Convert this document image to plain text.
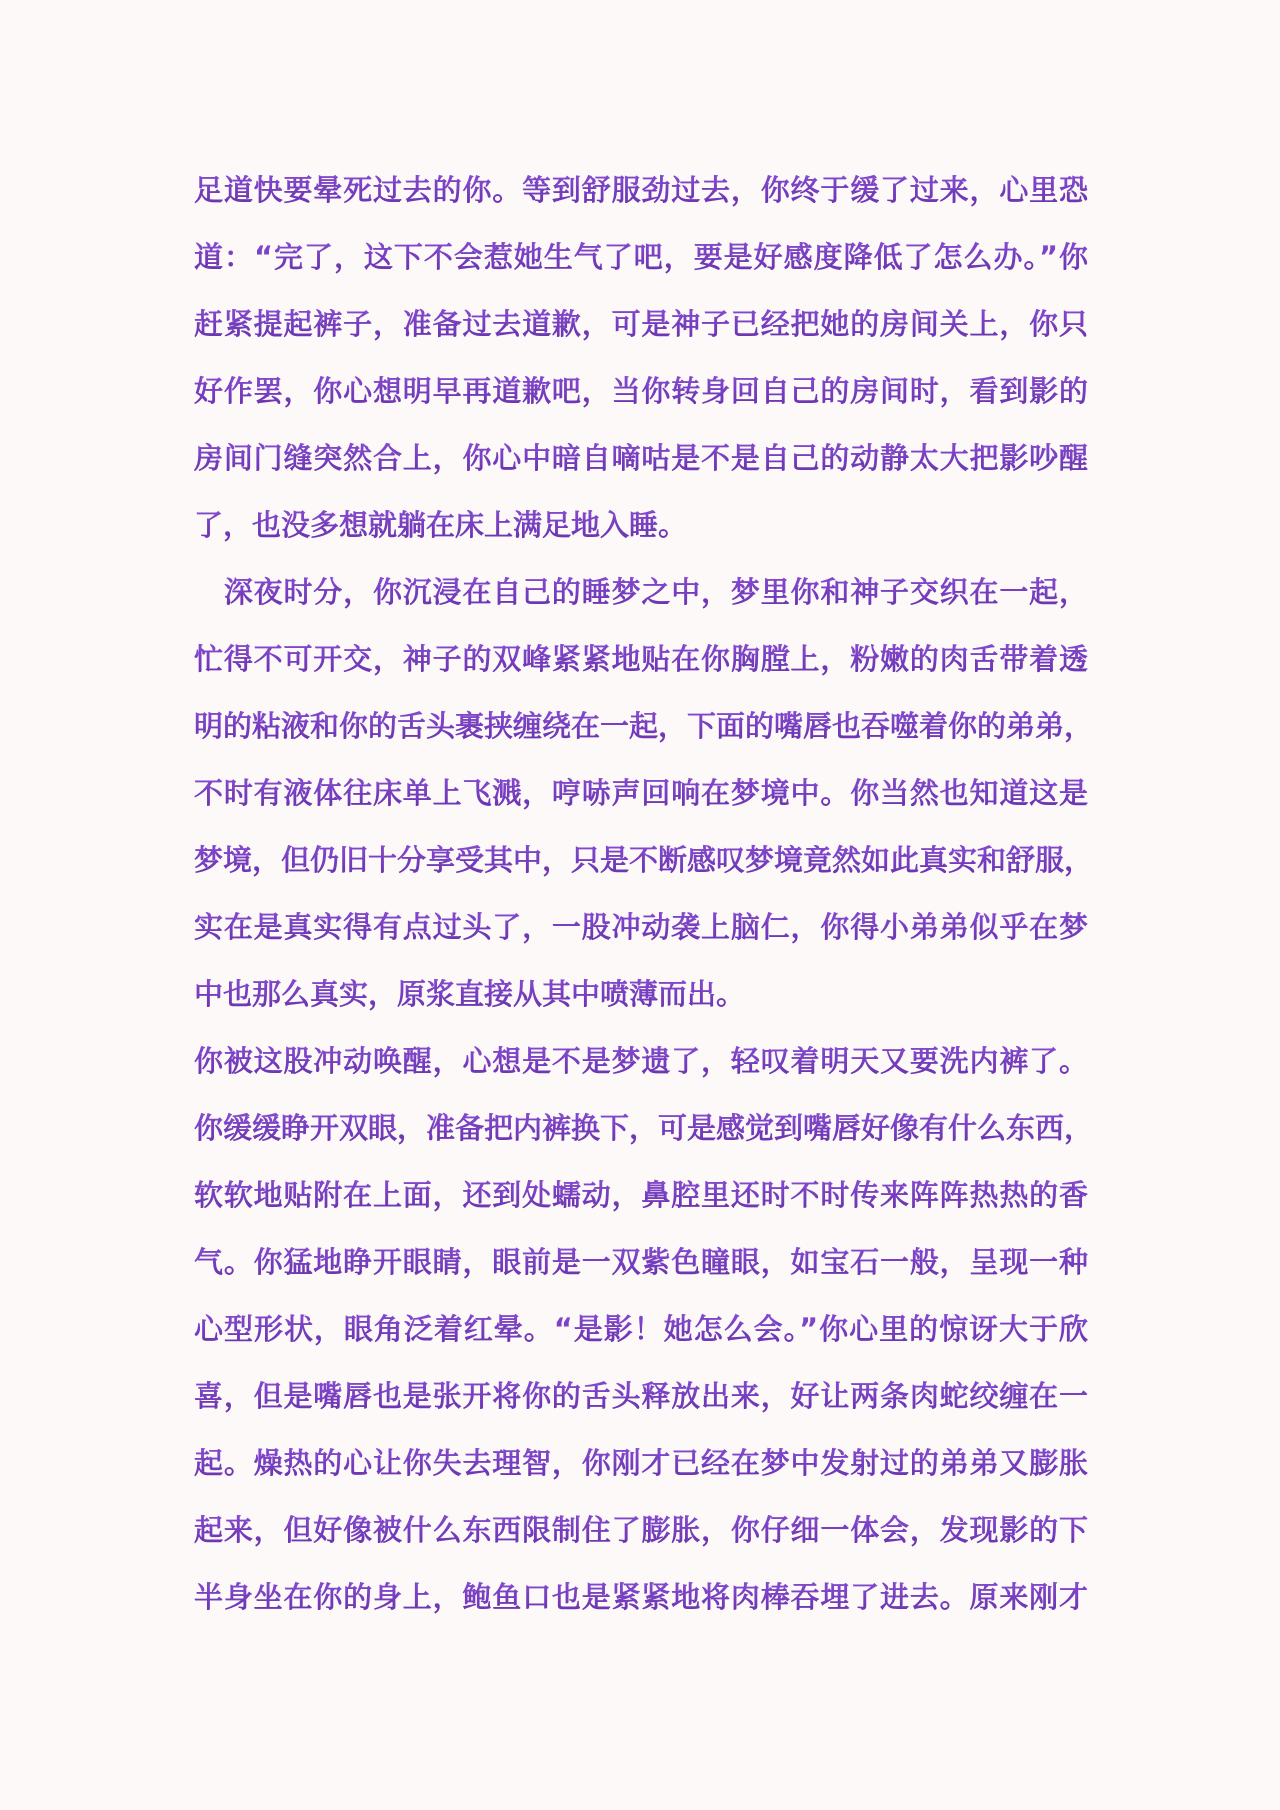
足道快要晕死过去的你。等到舒服劲过去，你终于缓了过来，心里恐
道：“完了，这下不会惹她生气了吧，要是好感度降低了怎么办。”你
赶紧提起裤子，准备过去道歉，可是神子已经把她的房间关上，你只
好作罢，你心想明早再道歉吧，当你转身回自己的房间时，看到影的
房间门缝突然合上，你心中暗自嘀咕是不是自己的动静太大把影吵醒
了，也没多想就躺在床上满足地入睡。
　深夜时分，你沉浸在自己的睡梦之中，梦里你和神子交织在一起，
忙得不可开交，神子的双峰紧紧地贴在你胸膛上，粉嫩的肉舌带着透
明的粘液和你的舌头裹挟缠绕在一起，下面的嘴唇也吞噬着你的弟弟，
不时有液体往床单上飞溅，哼哧声回响在梦境中。你当然也知道这是
梦境，但仍旧十分享受其中，只是不断感叹梦境竟然如此真实和舒服，
实在是真实得有点过头了，一股冲动袭上脑仁，你得小弟弟似乎在梦
中也那么真实，原浆直接从其中喷薄而出。
你被这股冲动唤醒，心想是不是梦遗了，轻叹着明天又要洗内裤了。
你缓缓睁开双眼，准备把内裤换下，可是感觉到嘴唇好像有什么东西，
软软地贴附在上面，还到处蠕动，鼻腔里还时不时传来阵阵热热的香
气。你猛地睁开眼睛，眼前是一双紫色瞳眼，如宝石一般，呈现一种
心型形状，眼角泛着红晕。“是影！她怎么会。”你心里的惊讶大于欣
喜，但是嘴唇也是张开将你的舌头释放出来，好让两条肉蛇绞缠在一
起。燥热的心让你失去理智，你刚才已经在梦中发射过的弟弟又膨胀
起来，但好像被什么东西限制住了膨胀，你仔细一体会，发现影的下
半身坐在你的身上，鲍鱼口也是紧紧地将肉棒吞埋了进去。原来刚才
